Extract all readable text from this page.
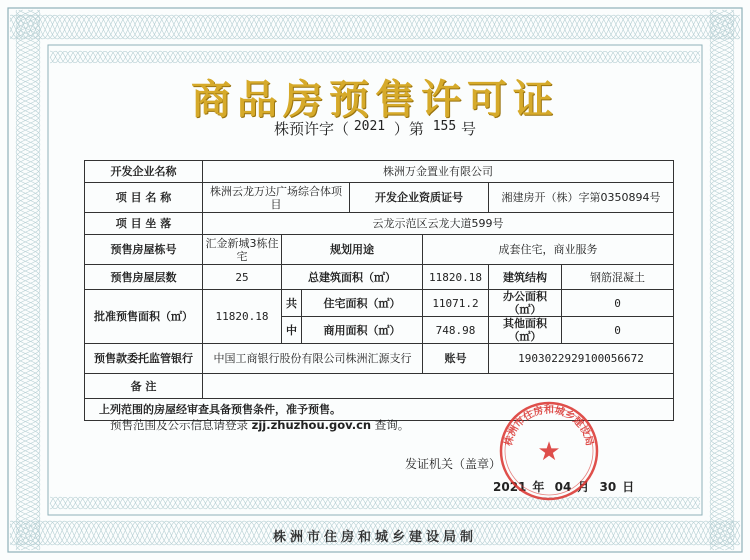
商品房预售许可证
株预许字（ 2021 ）第 155 号
开发企业名称	株洲万金置业有限公司						
项 目 名 称	株洲云龙万达广场综合体项目			开发企业资质证号		湘建房开（株）字第0350894号	
项 目 坐 落	云龙示范区云龙大道599号						
预售房屋栋号	汇金新城3栋住宅	规划用途			成套住宅，商业服务		
预售房屋层数	25	总建筑面积（㎡）			11820.18	建筑结构	钢筋混凝土
批准预售面积（㎡）	11820.18	共	住宅面积（㎡）		11071.2	办公面积（㎡）	0
		中	商用面积（㎡）		748.98	其他面积（㎡）	0
预售款委托监管银行	中国工商银行股份有限公司株洲汇源支行				账号	1903022929100056672	
备 注							
上列范围的房屋经审查具备预售条件，准予预售。							
预售范围及公示信息请登录 zjj.zhuzhou.gov.cn 查询。
发证机关（盖章）
2021 年 04 月 30 日
株洲市住房和城乡建设局
★
株洲市住房和城乡建设局制
